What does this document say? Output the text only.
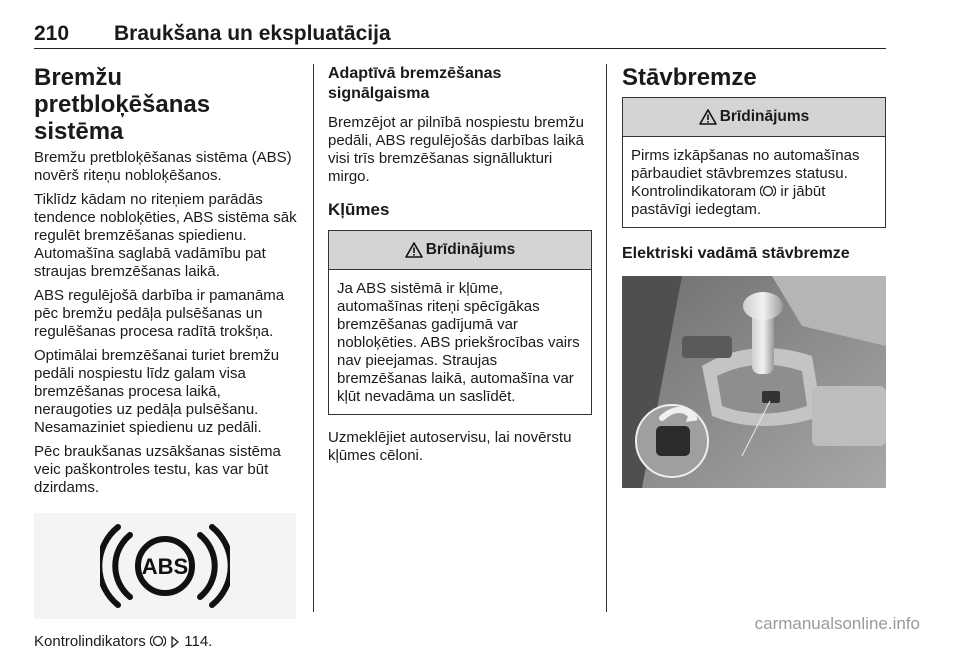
210 Braukšana un ekspluatācija
Bremžu pretbloķēšanas sistēma

Bremžu pretbloķēšanas sistēma (ABS) novērš riteņu nobloķēšanos.

Tiklīdz kādam no riteņiem parādās tendence nobloķēties, ABS sistēma sāk regulēt bremzēšanas spiedienu. Automašīna saglabā vadāmību pat straujas bremzēšanas laikā.

ABS regulējošā darbība ir pamanāma pēc bremžu pedāļa pulsēšanas un regulēšanas procesa radītā trokšņa.

Optimālai bremzēšanai turiet bremžu pedāli nospiestu līdz galam visa bremzēšanas procesa laikā, neraugoties uz pedāļa pulsēšanu. Nesamaziniet spiedienu uz pedāli.

Pēc braukšanas uzsākšanas sistēma veic paškontroles testu, kas var būt dzirdams.

ABS

Kontrolindikators	114.

Adaptīvā bremzēšanas signālgaisma

Bremzējot ar pilnībā nospiestu bremžu pedāli, ABS regulējošās darbības laikā visi trīs bremzēšanas signāllukturi mirgo.

Kļūmes
Brīdinājums
Ja ABS sistēmā ir kļūme, automašīnas riteņi spēcīgākas bremzēšanas gadījumā var nobloķēties. ABS priekšrocības vairs nav pieejamas. Straujas bremzēšanas laikā, automašīna var kļūt nevadāma un saslīdēt.

Uzmeklējiet autoservisu, lai novērstu kļūmes cēloni.

Stāvbremze
Brīdinājums
Pirms izkāpšanas no automašīnas pārbaudiet stāvbremzes statusu. Kontrolindikatoram ir jābūt pastāvīgi iedegtam.
Elektriski vadāmā stāvbremze
carmanualsonline.info
